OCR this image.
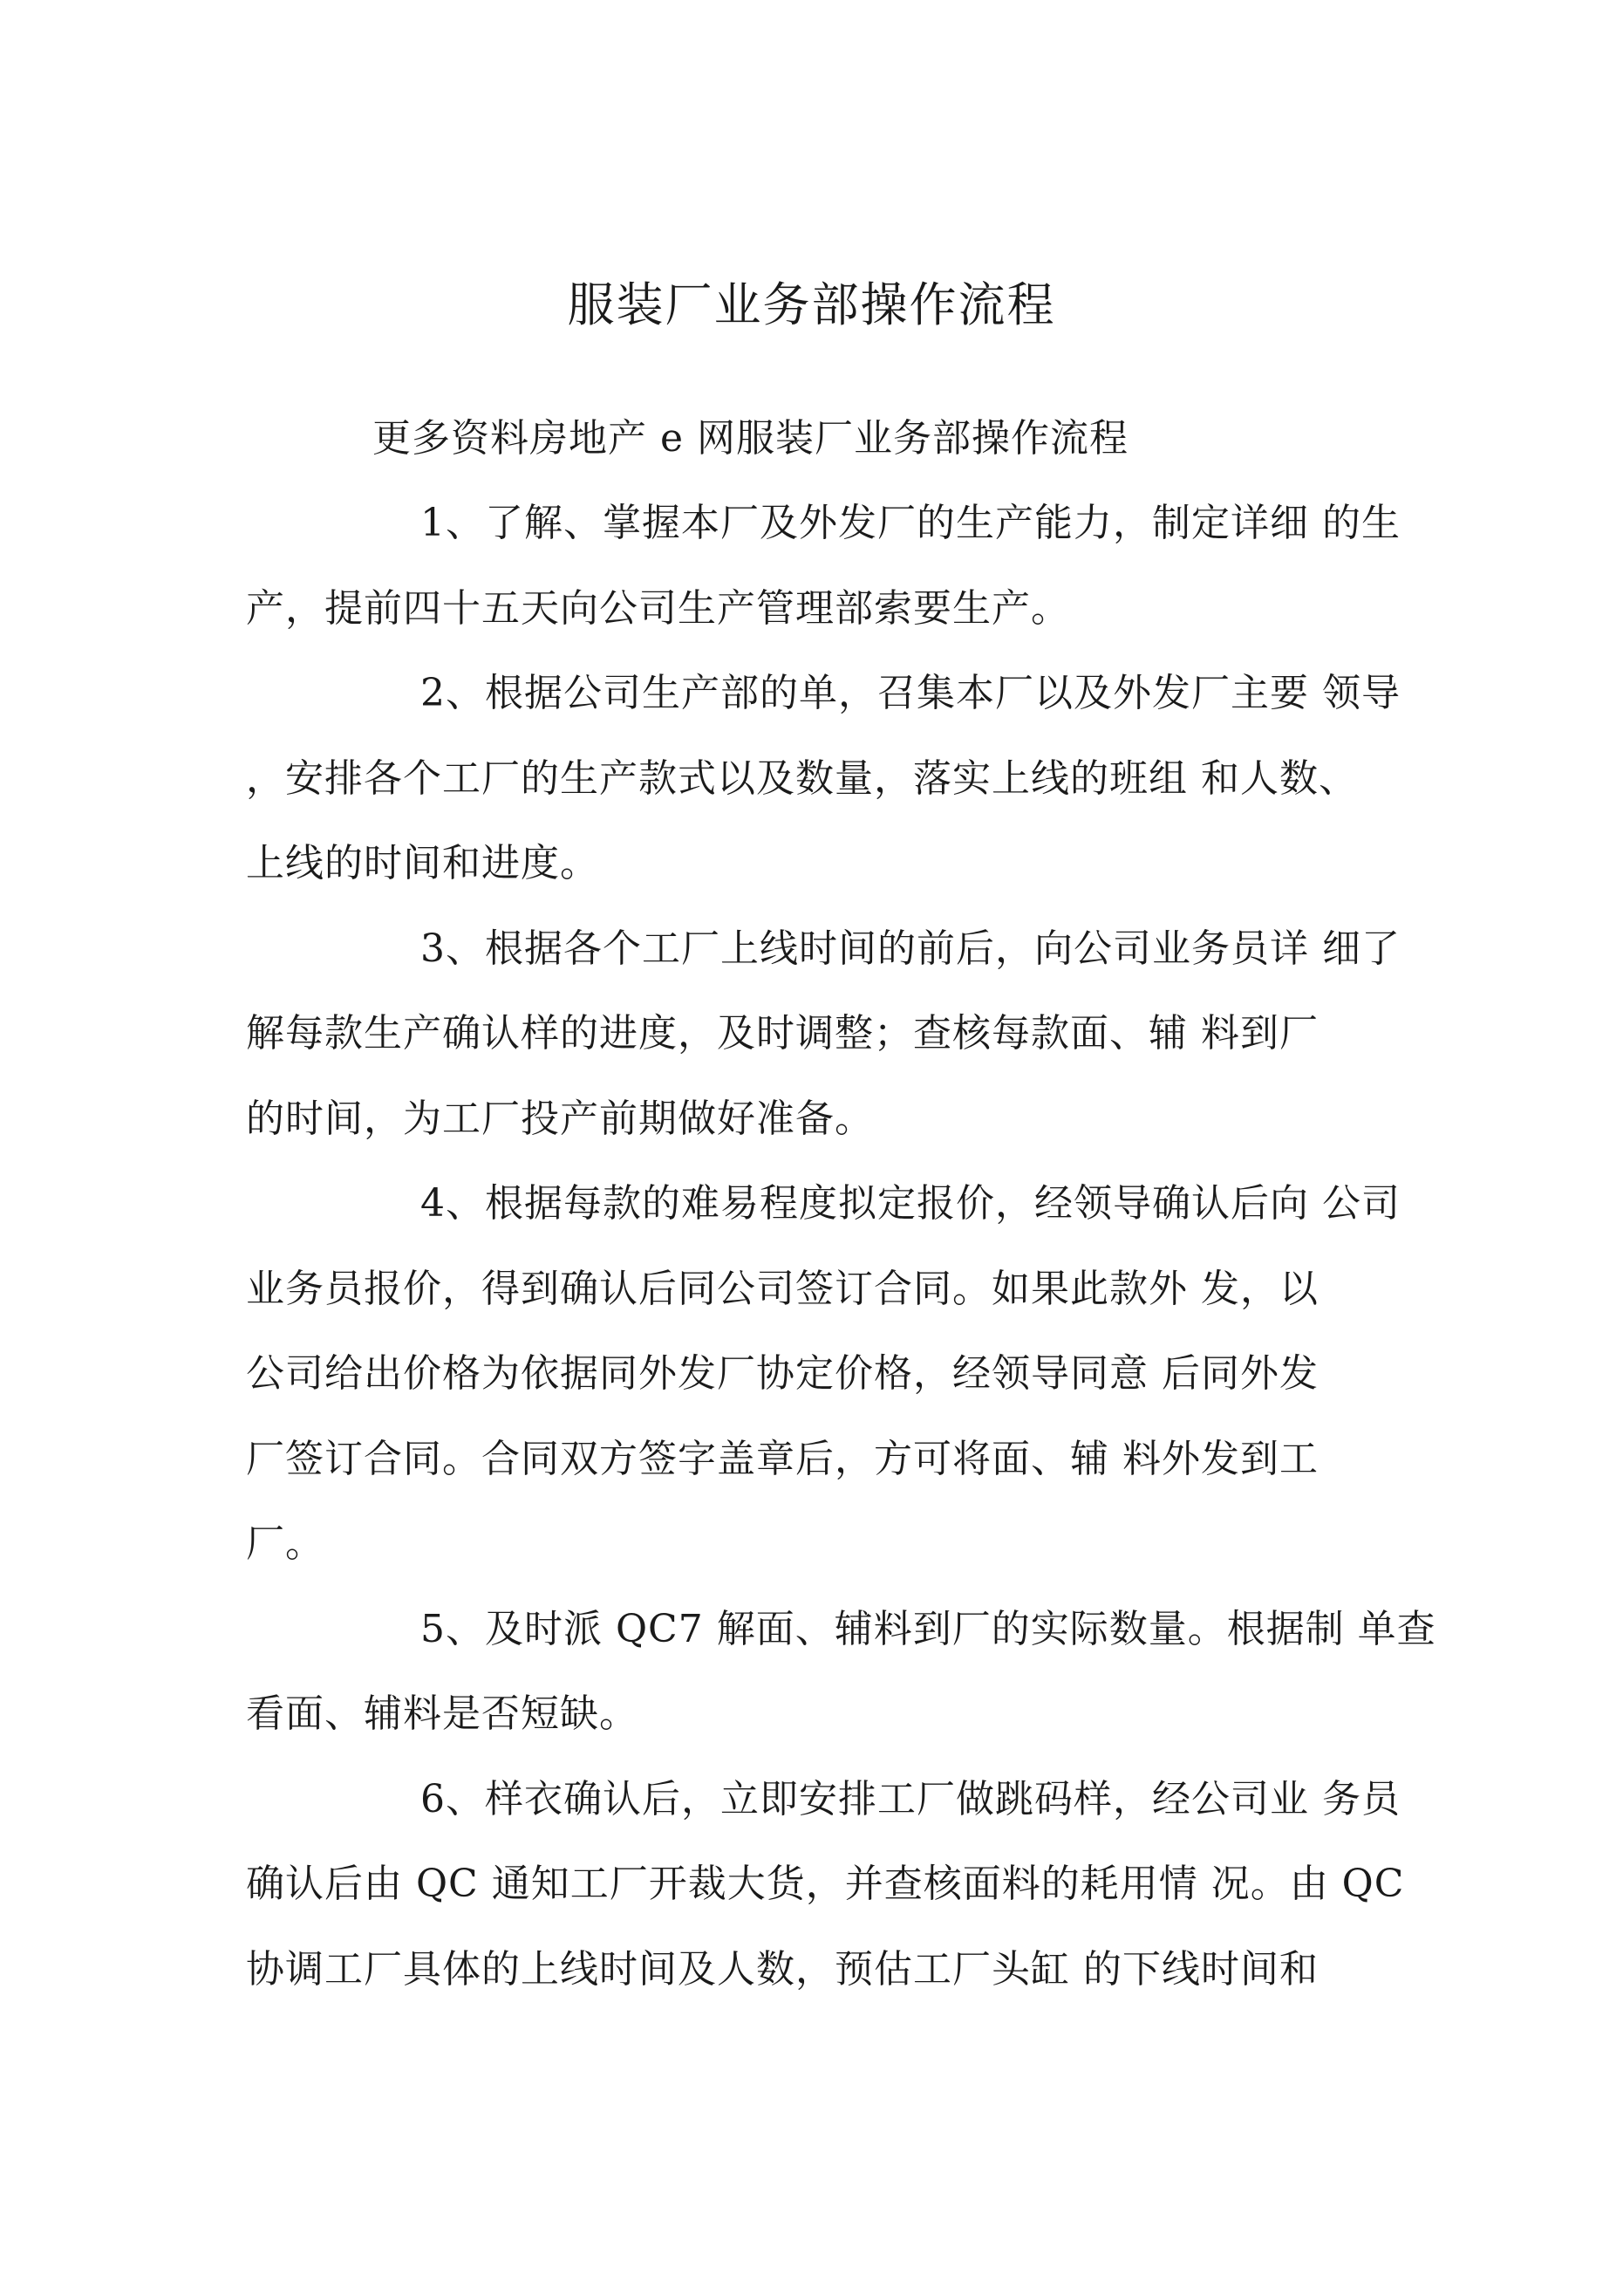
服装厂业务部操作流程
更多资料房地产 e 网服装厂业务部操作流程
1、了解、掌握本厂及外发厂的生产能力，制定详细 的生
产，提前四十五天向公司生产管理部索要生产。
2、根据公司生产部的单，召集本厂以及外发厂主要 领导
，安排各个工厂的生产款式以及数量，落实上线的班组 和人数、
上线的时间和进度。
3、根据各个工厂上线时间的前后，向公司业务员详 细了
解每款生产确认样的进度，及时调整；查核每款面、辅 料到厂
的时间，为工厂投产前期做好准备。
4、根据每款的难易程度拟定报价，经领导确认后向 公司
业务员报价，得到确认后同公司签订合同。如果此款外 发，以
公司给出价格为依据同外发厂协定价格，经领导同意 后同外发
厂签订合同。合同双方签字盖章后，方可将面、辅 料外发到工
厂。
5、及时派 QC7 解面、辅料到厂的实际数量。根据制 单查
看面、辅料是否短缺。
6、样衣确认后，立即安排工厂做跳码样，经公司业 务员
确认后由 QC 通知工厂开裁大货，并查核面料的耗用情 况。由 QC
协调工厂具体的上线时间及人数，预估工厂头缸 的下线时间和
